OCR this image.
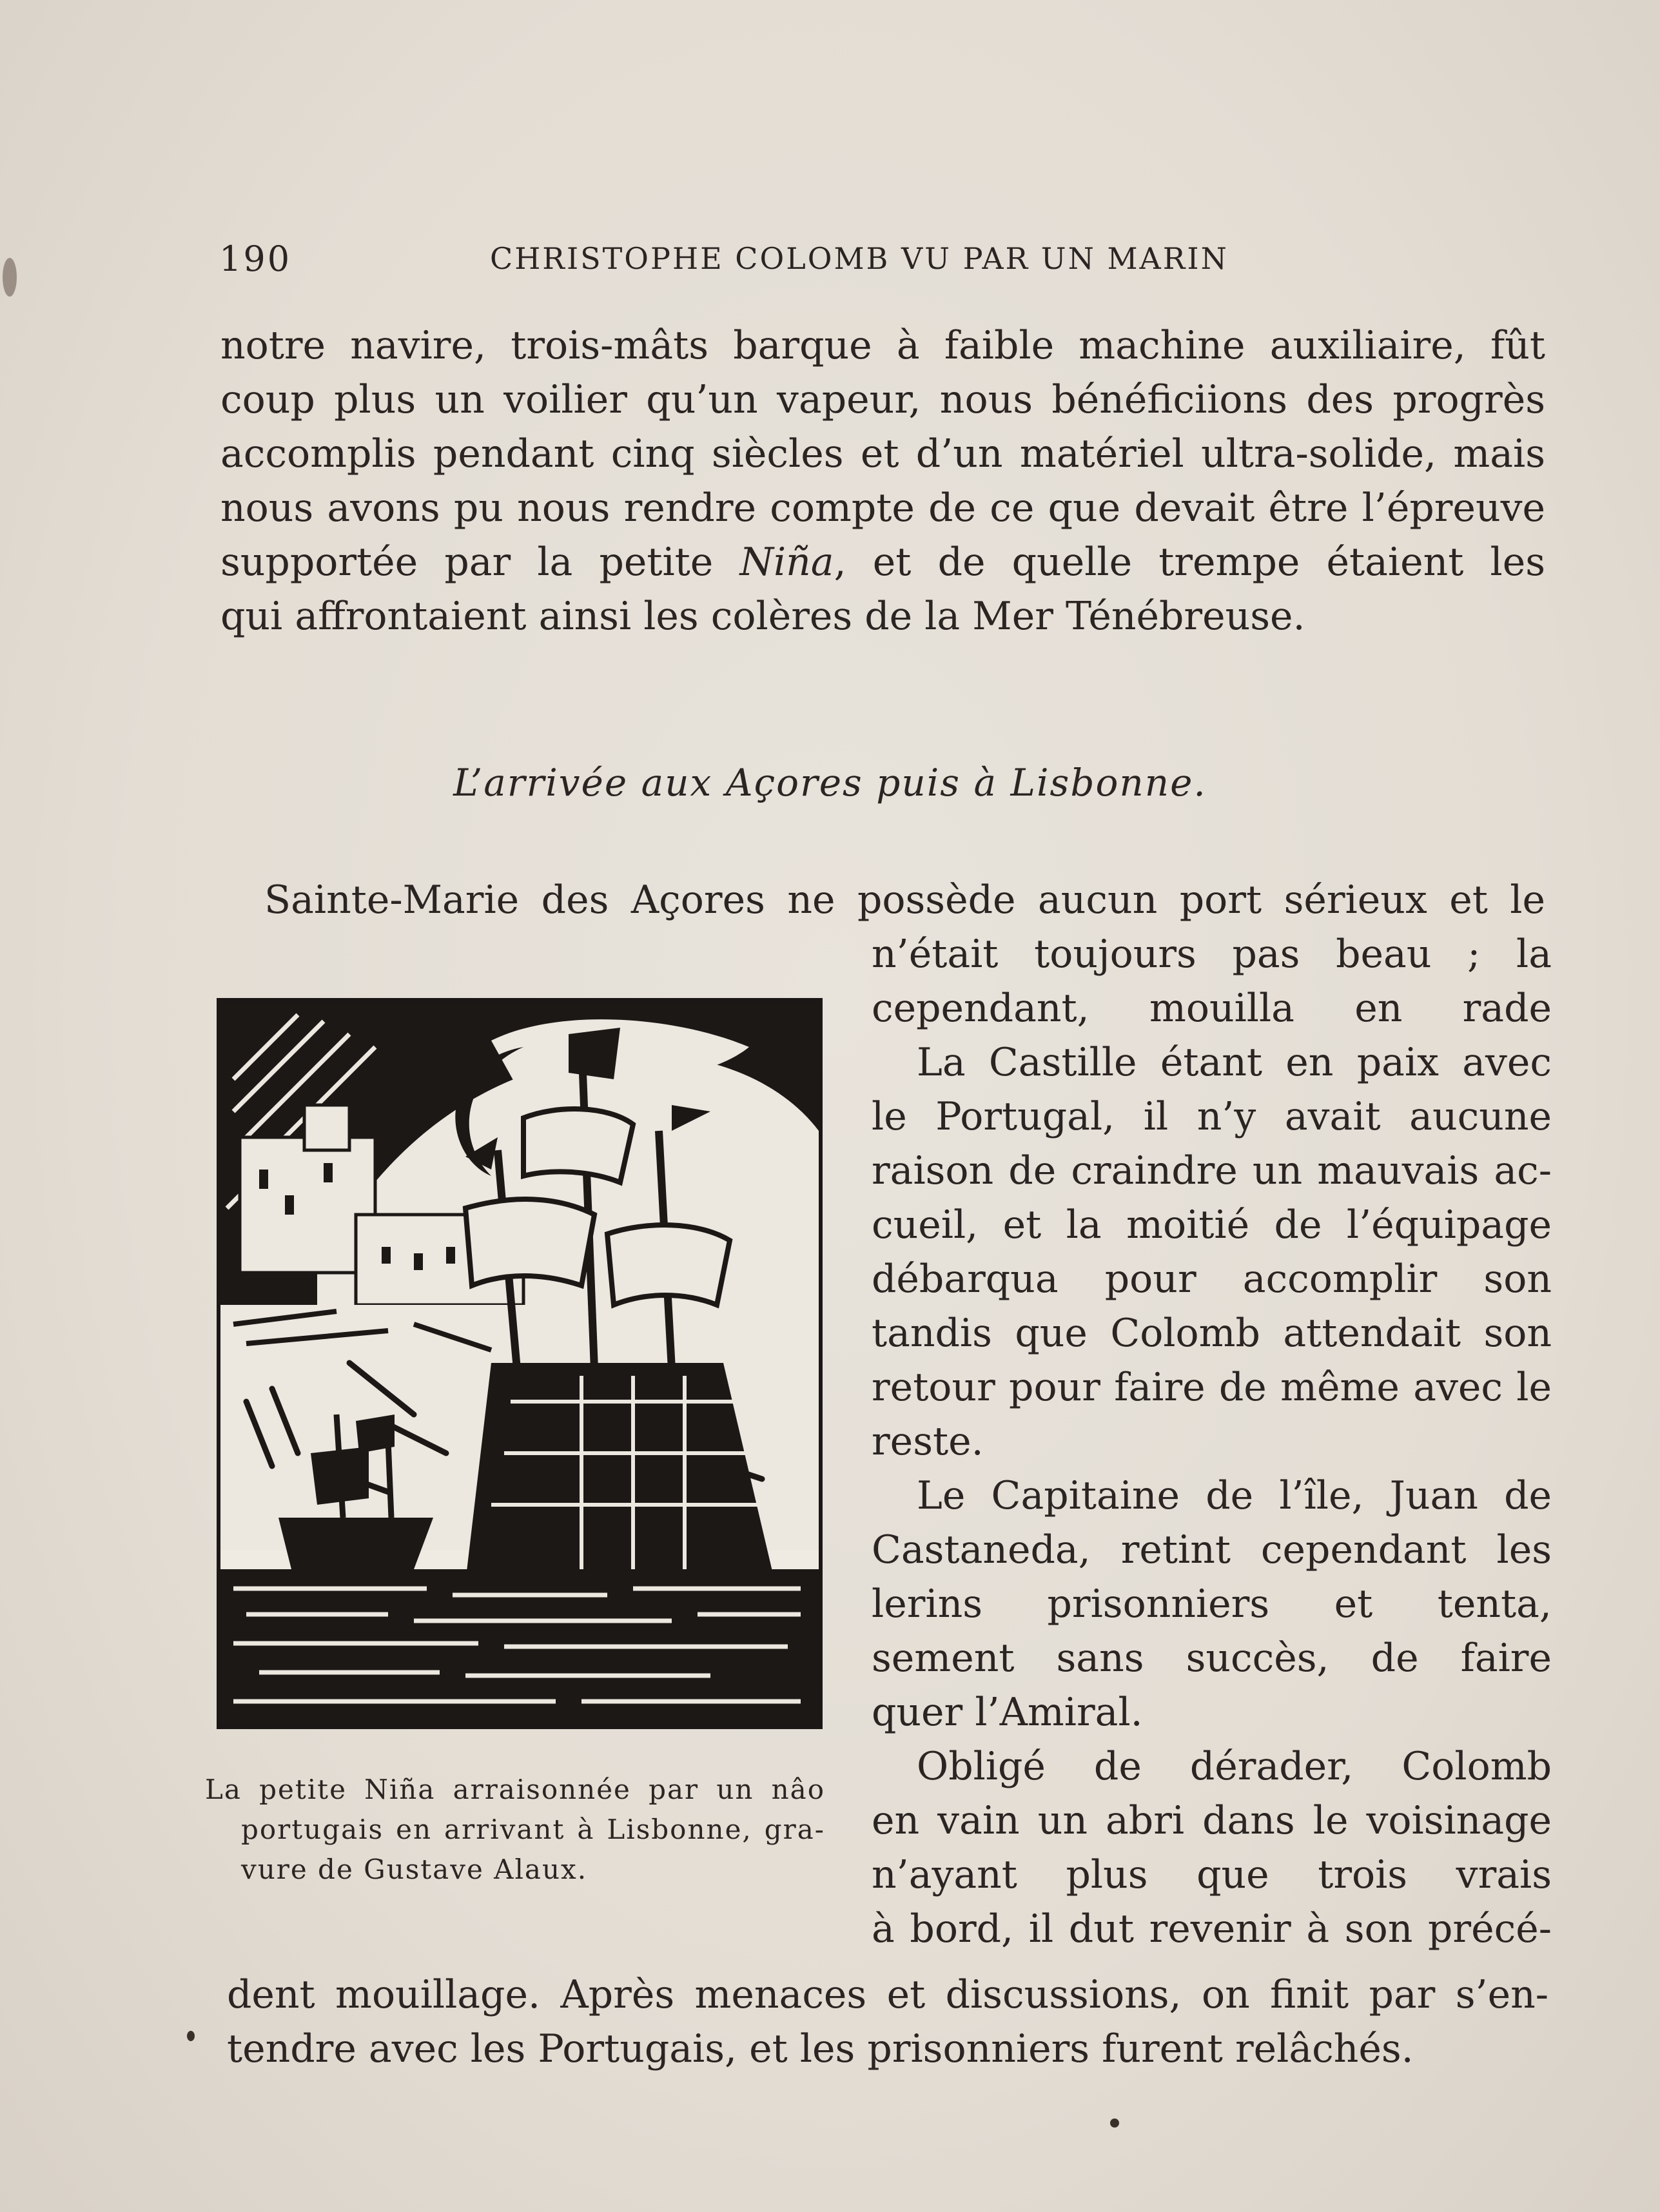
190	CHRISTOPHE COLOMB VU PAR UN MARIN
notre navire, trois-mâts barque à faible machine auxiliaire, fût
coup plus un voilier qu’un vapeur, nous bénéficiions des progrès
accomplis pendant cinq siècles et d’un matériel ultra-solide, mais
nous avons pu nous rendre compte de ce que devait être l’épreuve
supportée par la petite Niña, et de quelle trempe étaient les
qui affrontaient ainsi les colères de la Mer Ténébreuse.
L’arrivée aux Açores puis à Lisbonne.
Sainte-Marie des Açores ne possède aucun port sérieux et le
n’était toujours pas beau ; la
cependant, mouilla en rade
La Castille étant en paix avec
le Portugal, il n’y avait aucune
raison de craindre un mauvais ac-
cueil, et la moitié de l’équipage
débarqua pour accomplir son
tandis que Colomb attendait son
retour pour faire de même avec le
reste.
Le Capitaine de l’île, Juan de
Castaneda, retint cependant les
lerins prisonniers et tenta,
sement sans succès, de faire
quer l’Amiral.
Obligé de dérader, Colomb
en vain un abri dans le voisinage
n’ayant plus que trois vrais
à bord, il dut revenir à son précé-
dent mouillage. Après menaces et discussions, on finit par s’en-
tendre avec les Portugais, et les prisonniers furent relâchés.
La petite Niña arraisonnée par un nâo
portugais en arrivant à Lisbonne, gra-
vure de Gustave Alaux.
